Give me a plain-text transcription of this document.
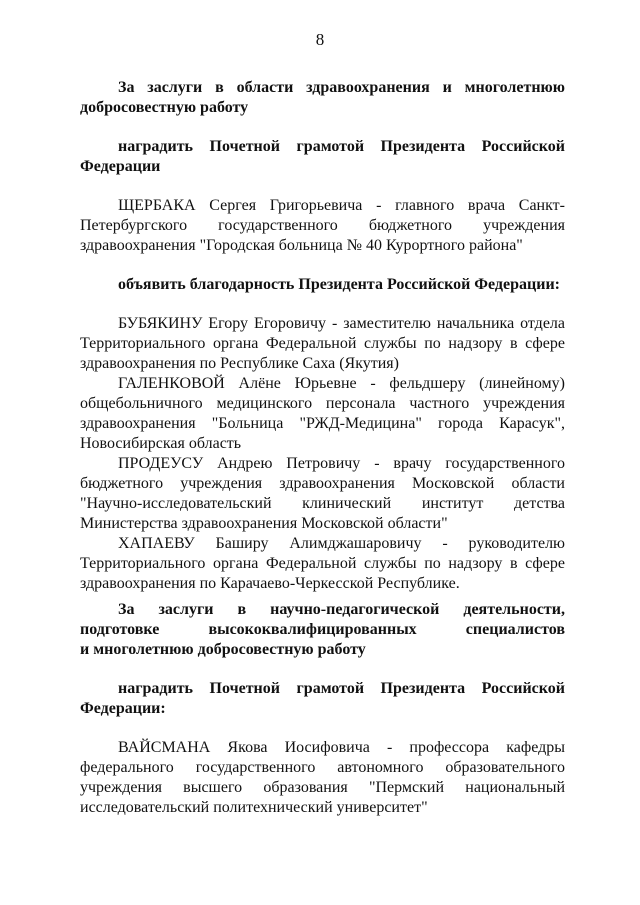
8
За заслуги в области здравоохранения и многолетнюю
добросовестную работу
наградить Почетной грамотой Президента Российской
Федерации
ЩЕРБАКА Сергея Григорьевича - главного врача Санкт-
Петербургского государственного бюджетного учреждения
здравоохранения "Городская больница № 40 Курортного района"
объявить благодарность Президента Российской Федерации:
БУБЯКИНУ Егору Егоровичу - заместителю начальника отдела
Территориального органа Федеральной службы по надзору в сфере
здравоохранения по Республике Саха (Якутия)
ГАЛЕНКОВОЙ Алёне Юрьевне - фельдшеру (линейному)
общебольничного медицинского персонала частного учреждения
здравоохранения "Больница "РЖД-Медицина" города Карасук",
Новосибирская область
ПРОДЕУСУ Андрею Петровичу - врачу государственного
бюджетного учреждения здравоохранения Московской области
"Научно-исследовательский клинический институт детства
Министерства здравоохранения Московской области"
ХАПАЕВУ Баширу Алимджашаровичу - руководителю
Территориального органа Федеральной службы по надзору в сфере
здравоохранения по Карачаево-Черкесской Республике.
За заслуги в научно-педагогической деятельности,
подготовке высококвалифицированных специалистов
и многолетнюю добросовестную работу
наградить Почетной грамотой Президента Российской
Федерации:
ВАЙСМАНА Якова Иосифовича - профессора кафедры
федерального государственного автономного образовательного
учреждения высшего образования "Пермский национальный
исследовательский политехнический университет"
